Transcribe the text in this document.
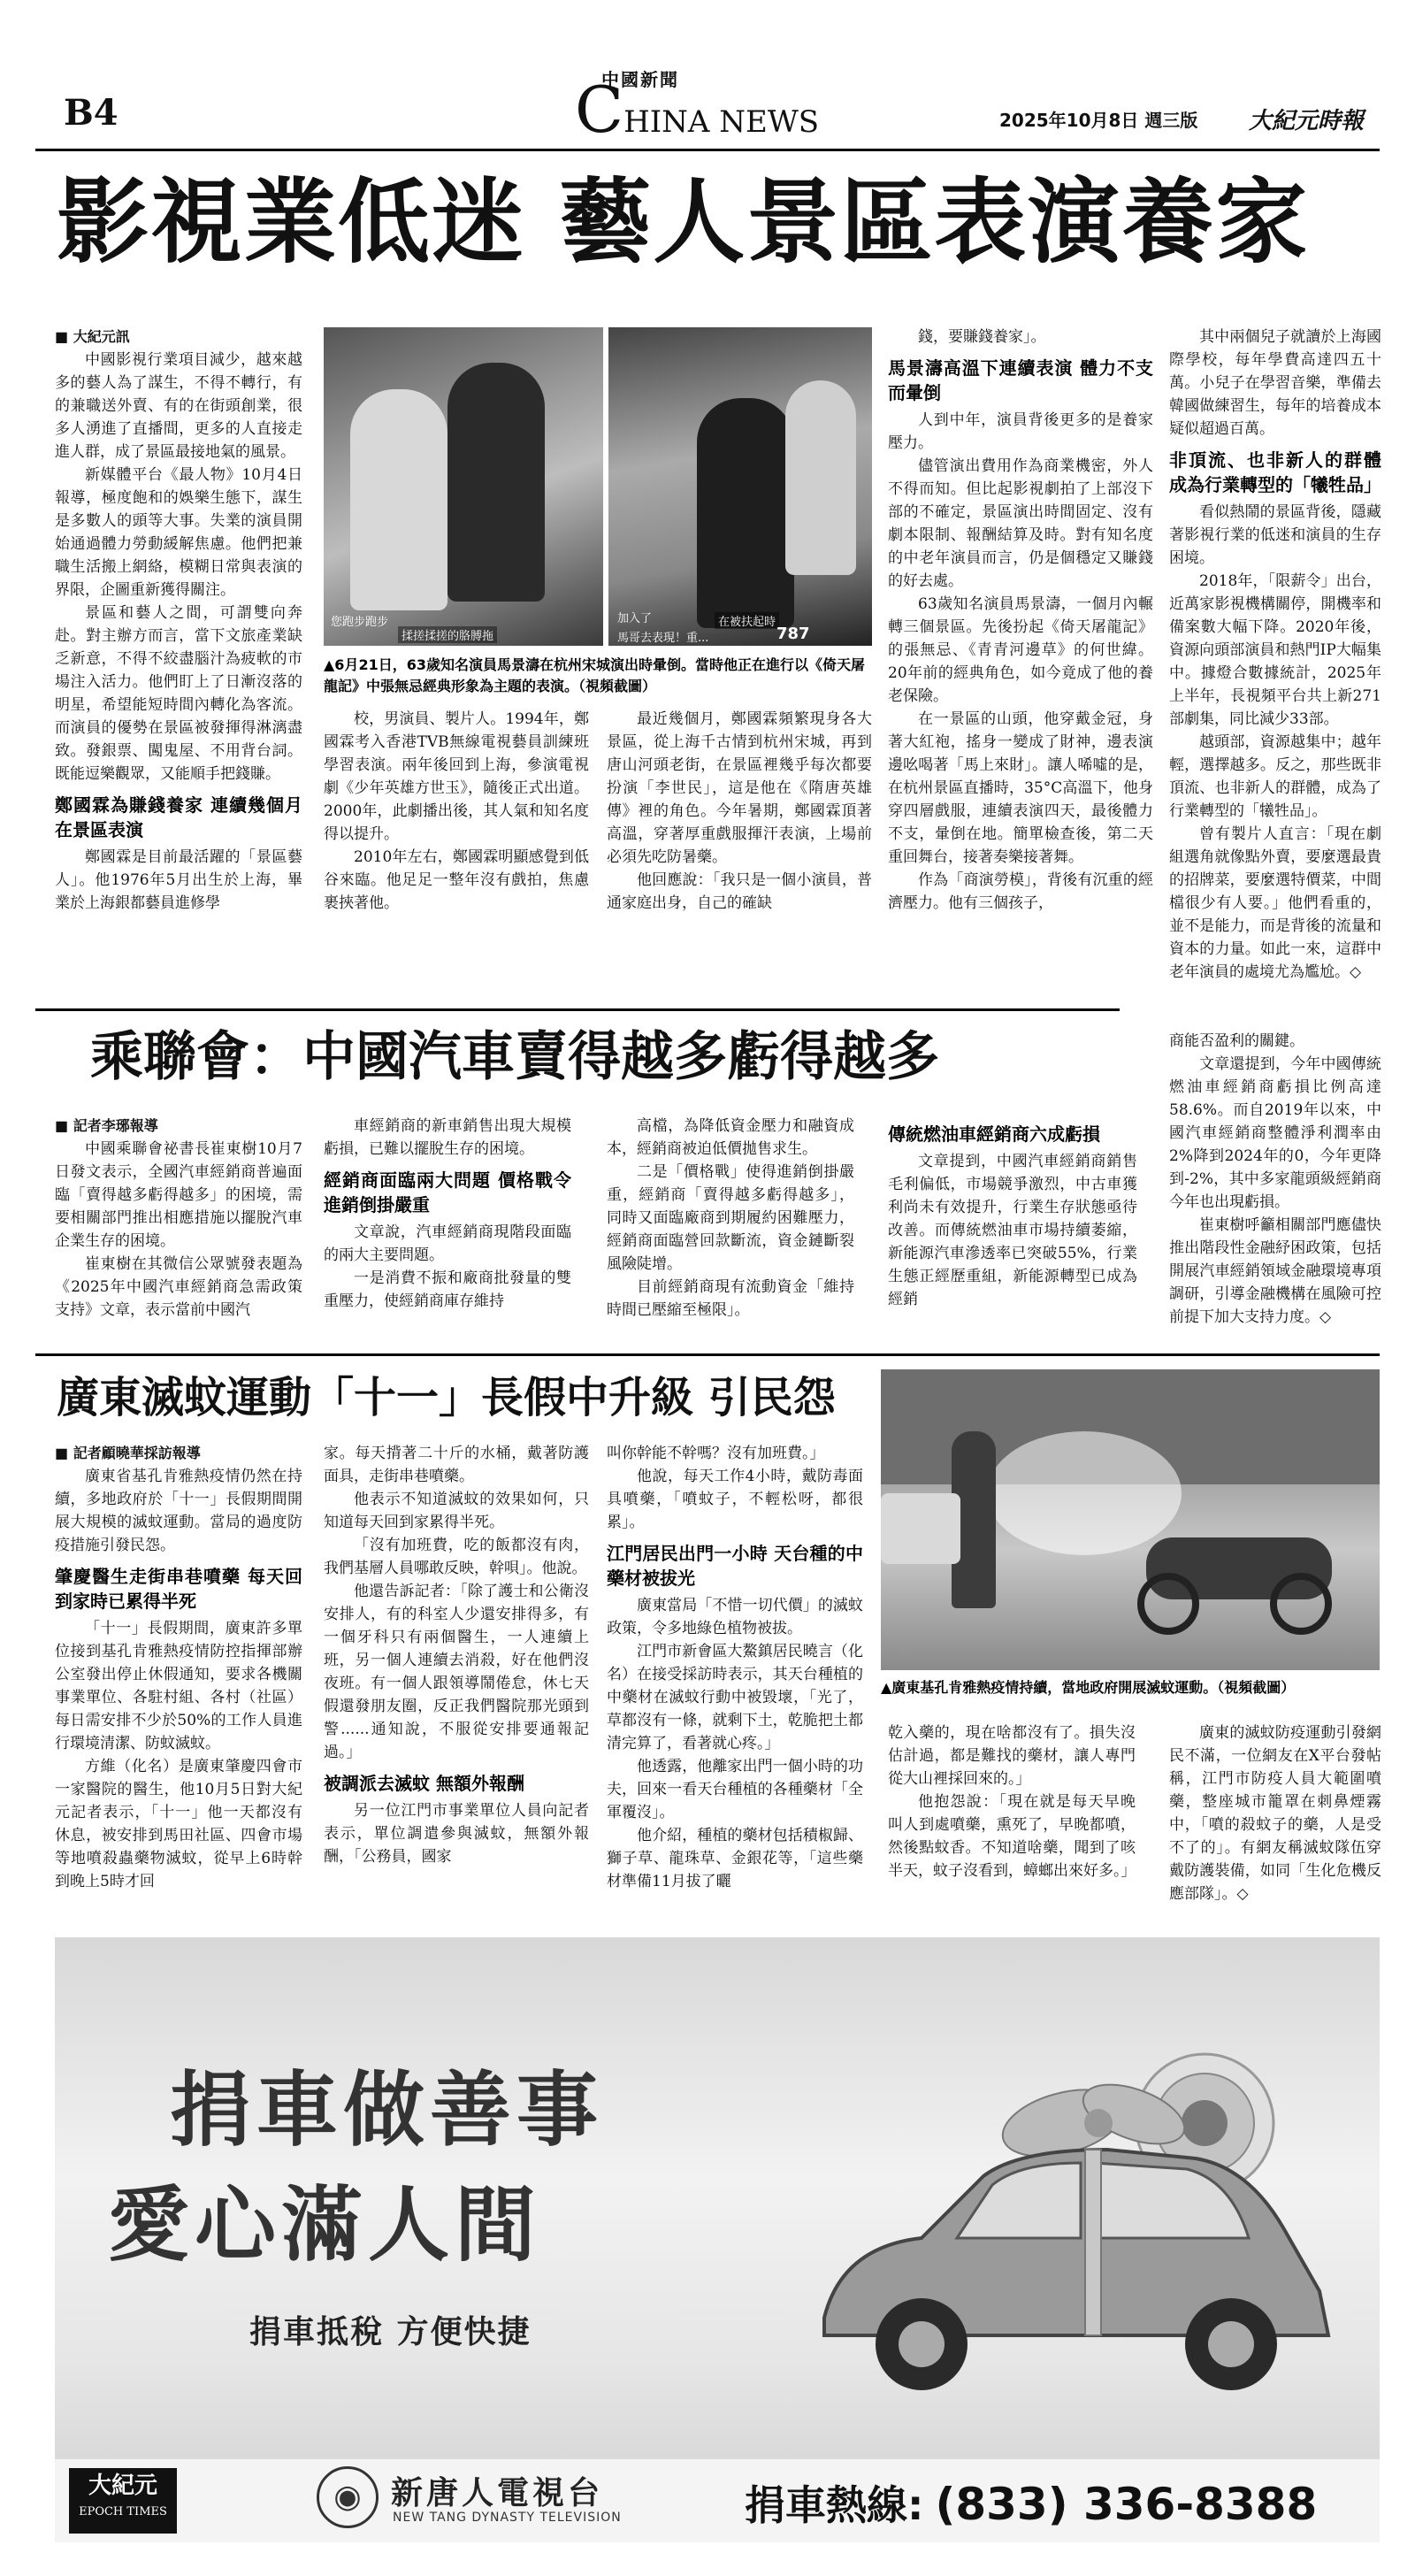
B4
中國新聞
CHINA NEWS	2025年10月8日 週三版 大紀元時報
影視業低迷 藝人景區表演養家

■ 大紀元訊

中國影視行業項目減少，越來越多的藝人為了謀生，不得不轉行，有的兼職送外賣、有的在街頭創業，很多人湧進了直播間，更多的人直接走進人群，成了景區最接地氣的風景。

新媒體平台《最人物》10月4日報導，極度飽和的娛樂生態下，謀生是多數人的頭等大事。失業的演員開始通過體力勞動緩解焦慮。他們把兼職生活搬上網絡，模糊日常與表演的界限，企圖重新獲得關注。

景區和藝人之間，可謂雙向奔赴。對主辦方而言，當下文旅產業缺乏新意，不得不絞盡腦汁為疲軟的市場注入活力。他們盯上了日漸沒落的明星，希望能短時間內轉化為客流。而演員的優勢在景區被發揮得淋漓盡致。發銀票、闖鬼屋、不用背台詞。既能逗樂觀眾，又能順手把錢賺。

鄭國霖為賺錢養家 連續幾個月在景區表演

鄭國霖是目前最活躍的「景區藝人」。他1976年5月出生於上海，畢業於上海銀都藝員進修學

您跑步跑步
揉搓揉搓的胳膊拖
加入了	在被扶起時
馬哥去表現！重...	787
▲6月21日，63歲知名演員馬景濤在杭州宋城演出時暈倒。當時他正在進行以《倚天屠龍記》中張無忌經典形象為主題的表演。（視頻截圖）

校，男演員、製片人。1994年，鄭國霖考入香港TVB無線電視藝員訓練班學習表演。兩年後回到上海，參演電視劇《少年英雄方世玉》，隨後正式出道。2000年，此劇播出後，其人氣和知名度得以提升。

2010年左右，鄭國霖明顯感覺到低谷來臨。他足足一整年沒有戲拍，焦慮裹挾著他。

最近幾個月，鄭國霖頻繁現身各大景區，從上海千古情到杭州宋城，再到唐山河頭老街，在景區裡幾乎每次都要扮演「李世民」，這是他在《隋唐英雄傳》裡的角色。今年暑期，鄭國霖頂著高溫，穿著厚重戲服揮汗表演，上場前必須先吃防暑藥。

他回應說：「我只是一個小演員，普通家庭出身，自己的確缺

錢，要賺錢養家」。

馬景濤高溫下連續表演 體力不支而暈倒

人到中年，演員背後更多的是養家壓力。

儘管演出費用作為商業機密，外人不得而知。但比起影視劇拍了上部沒下部的不確定，景區演出時間固定、沒有劇本限制、報酬結算及時。對有知名度的中老年演員而言，仍是個穩定又賺錢的好去處。

63歲知名演員馬景濤，一個月內輾轉三個景區。先後扮起《倚天屠龍記》的張無忌、《青青河邊草》的何世緯。20年前的經典角色，如今竟成了他的養老保險。

在一景區的山頭，他穿戴金冠，身著大紅袍，搖身一變成了財神，邊表演邊吆喝著「馬上來財」。讓人唏噓的是，在杭州景區直播時，35°C高溫下，他身穿四層戲服，連續表演四天，最後體力不支，暈倒在地。簡單檢查後，第二天重回舞台，接著奏樂接著舞。

作為「商演勞模」，背後有沉重的經濟壓力。他有三個孩子，

其中兩個兒子就讀於上海國際學校，每年學費高達四五十萬。小兒子在學習音樂，準備去韓國做練習生，每年的培養成本疑似超過百萬。

非頂流、也非新人的群體 成為行業轉型的「犧牲品」

看似熱鬧的景區背後，隱藏著影視行業的低迷和演員的生存困境。

2018年，「限薪令」出台，近萬家影視機構關停，開機率和備案數大幅下降。2020年後，資源向頭部演員和熱門IP大幅集中。據燈合數據統計，2025年上半年，長視頻平台共上新271部劇集，同比減少33部。

越頭部，資源越集中；越年輕，選擇越多。反之，那些既非頂流、也非新人的群體，成為了行業轉型的「犧牲品」。

曾有製片人直言：「現在劇組選角就像點外賣，要麼選最貴的招牌菜，要麼選特價菜，中間檔很少有人要。」他們看重的，並不是能力，而是背後的流量和資本的力量。如此一來，這群中老年演員的處境尤為尷尬。◇

乘聯會：中國汽車賣得越多虧得越多

■ 記者李琊報導

中國乘聯會祕書長崔東樹10月7日發文表示，全國汽車經銷商普遍面臨「賣得越多虧得越多」的困境，需要相關部門推出相應措施以擺脫汽車企業生存的困境。

崔東樹在其微信公眾號發表題為《2025年中國汽車經銷商急需政策支持》文章，表示當前中國汽

車經銷商的新車銷售出現大規模虧損，已難以擺脫生存的困境。

經銷商面臨兩大問題 價格戰令進銷倒掛嚴重

文章說，汽車經銷商現階段面臨的兩大主要問題。

一是消費不振和廠商批發量的雙重壓力，使經銷商庫存維持

高檔，為降低資金壓力和融資成本，經銷商被迫低價拋售求生。

二是「價格戰」使得進銷倒掛嚴重，經銷商「賣得越多虧得越多」，同時又面臨廠商到期履約困難壓力，經銷商面臨營回款斷流，資金鏈斷裂風險陡增。

目前經銷商現有流動資金「維持時間已壓縮至極限」。

傳統燃油車經銷商六成虧損

文章提到，中國汽車經銷商銷售毛利偏低，市場競爭激烈，中古車獲利尚未有效提升，行業生存狀態亟待改善。而傳統燃油車市場持續萎縮，新能源汽車滲透率已突破55%，行業生態正經歷重組，新能源轉型已成為經銷

商能否盈利的關鍵。

文章還提到，今年中國傳統燃油車經銷商虧損比例高達58.6%。而自2019年以來，中國汽車經銷商整體淨利潤率由2%降到2024年的0，今年更降到-2%，其中多家龍頭級經銷商今年也出現虧損。

崔東樹呼籲相關部門應儘快推出階段性金融紓困政策，包括開展汽車經銷領域金融環境專項調研，引導金融機構在風險可控前提下加大支持力度。◇

廣東滅蚊運動「十一」長假中升級 引民怨

■ 記者顧曉華採訪報導

廣東省基孔肯雅熱疫情仍然在持續，多地政府於「十一」長假期間開展大規模的滅蚊運動。當局的過度防疫措施引發民怨。

肇慶醫生走街串巷噴藥 每天回到家時已累得半死

「十一」長假期間，廣東許多單位接到基孔肯雅熱疫情防控指揮部辦公室發出停止休假通知，要求各機關事業單位、各駐村組、各村（社區）每日需安排不少於50%的工作人員進行環境清潔、防蚊滅蚊。

方維（化名）是廣東肇慶四會市一家醫院的醫生，他10月5日對大紀元記者表示，「十一」他一天都沒有休息，被安排到馬田社區、四會市場等地噴殺蟲藥物滅蚊，從早上6時幹到晚上5時才回

家。每天揹著二十斤的水桶，戴著防護面具，走街串巷噴藥。

他表示不知道滅蚊的效果如何，只知道每天回到家累得半死。

「沒有加班費，吃的飯都沒有肉，我們基層人員哪敢反映，幹唄」。他說。

他還告訴記者：「除了護士和公衛沒安排人，有的科室人少還安排得多，有一個牙科只有兩個醫生，一人連續上班，另一個人連續去消殺，好在他們沒夜班。有一個人跟領導鬧倦怠，休七天假還發朋友圈，反正我們醫院那光頭到警......通知說，不服從安排要通報記過。」

被調派去滅蚊 無額外報酬

另一位江門市事業單位人員向記者表示，單位調遣參與滅蚊，無額外報酬，「公務員，國家

叫你幹能不幹嗎？沒有加班費。」

他說，每天工作4小時，戴防毒面具噴藥，「噴蚊子，不輕松呀，都很累」。

江門居民出門一小時 天台種的中藥材被拔光

廣東當局「不惜一切代價」的滅蚊政策，令多地綠色植物被拔。

江門市新會區大鰲鎮居民曉言（化名）在接受採訪時表示，其天台種植的中藥材在滅蚊行動中被毀壞，「光了，草都沒有一條，就剩下土，乾脆把土都清完算了，看著就心疼。」

他透露，他離家出門一個小時的功夫，回來一看天台種植的各種藥材「全軍覆沒」。

他介紹，種植的藥材包括積椒歸、獅子草、龍珠草、金銀花等，「這些藥材準備11月拔了曬

▲廣東基孔肯雅熱疫情持續，當地政府開展滅蚊運動。（視頻截圖）

乾入藥的，現在啥都沒有了。損失沒估計過，都是難找的藥材，讓人專門從大山裡採回來的。」

他抱怨說：「現在就是每天早晚叫人到處噴藥，熏死了，早晚都噴，然後點蚊香。不知道啥藥，聞到了咳半天，蚊子沒看到，蟑螂出來好多。」

廣東的滅蚊防疫運動引發網民不滿，一位網友在X平台發帖稱，江門市防疫人員大範圍噴藥，整座城市籠罩在刺鼻煙霧中，「噴的殺蚊子的藥，人是受不了的」。有網友稱滅蚊隊伍穿戴防護裝備，如同「生化危機反應部隊」。◇

捐車做善事
愛心滿人間
捐車抵稅 方便快捷
大紀元
EPOCH TIMES	◉ 新唐人電視台
NEW TANG DYNASTY TELEVISION	捐車熱線: (833) 336-8388
